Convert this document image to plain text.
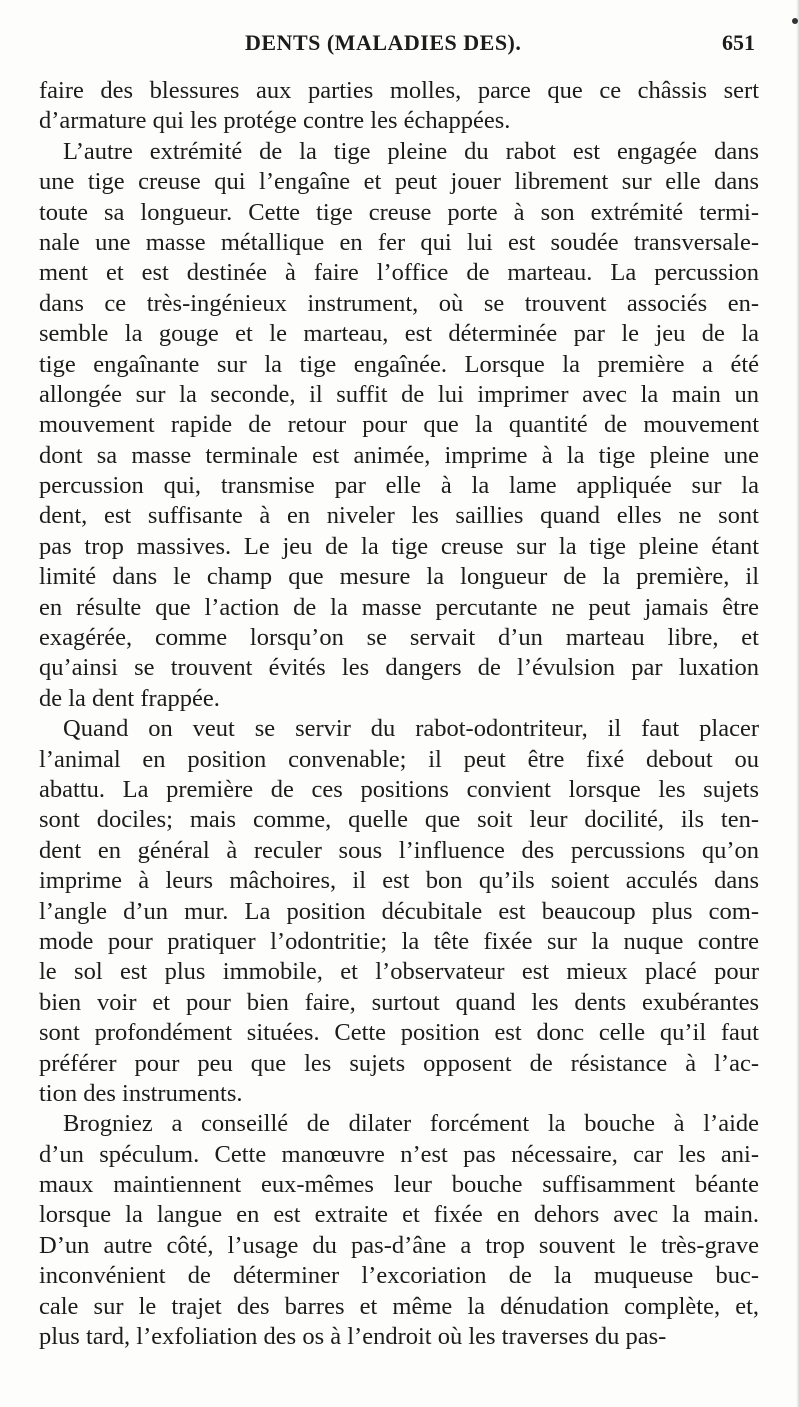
DENTS (MALADIES DES).	651
faire des blessures aux parties molles, parce que ce châssis sert
d’armature qui les protége contre les échappées.
L’autre extrémité de la tige pleine du rabot est engagée dans
une tige creuse qui l’engaîne et peut jouer librement sur elle dans
toute sa longueur. Cette tige creuse porte à son extrémité termi-
nale une masse métallique en fer qui lui est soudée transversale-
ment et est destinée à faire l’office de marteau. La percussion
dans ce très-ingénieux instrument, où se trouvent associés en-
semble la gouge et le marteau, est déterminée par le jeu de la
tige engaînante sur la tige engaînée. Lorsque la première a été
allongée sur la seconde, il suffit de lui imprimer avec la main un
mouvement rapide de retour pour que la quantité de mouvement
dont sa masse terminale est animée, imprime à la tige pleine une
percussion qui, transmise par elle à la lame appliquée sur la
dent, est suffisante à en niveler les saillies quand elles ne sont
pas trop massives. Le jeu de la tige creuse sur la tige pleine étant
limité dans le champ que mesure la longueur de la première, il
en résulte que l’action de la masse percutante ne peut jamais être
exagérée, comme lorsqu’on se servait d’un marteau libre, et
qu’ainsi se trouvent évités les dangers de l’évulsion par luxation
de la dent frappée.
Quand on veut se servir du rabot-odontriteur, il faut placer
l’animal en position convenable; il peut être fixé debout ou
abattu. La première de ces positions convient lorsque les sujets
sont dociles; mais comme, quelle que soit leur docilité, ils ten-
dent en général à reculer sous l’influence des percussions qu’on
imprime à leurs mâchoires, il est bon qu’ils soient acculés dans
l’angle d’un mur. La position décubitale est beaucoup plus com-
mode pour pratiquer l’odontritie; la tête fixée sur la nuque contre
le sol est plus immobile, et l’observateur est mieux placé pour
bien voir et pour bien faire, surtout quand les dents exubérantes
sont profondément situées. Cette position est donc celle qu’il faut
préférer pour peu que les sujets opposent de résistance à l’ac-
tion des instruments.
Brogniez a conseillé de dilater forcément la bouche à l’aide
d’un spéculum. Cette manœuvre n’est pas nécessaire, car les ani-
maux maintiennent eux-mêmes leur bouche suffisamment béante
lorsque la langue en est extraite et fixée en dehors avec la main.
D’un autre côté, l’usage du pas-d’âne a trop souvent le très-grave
inconvénient de déterminer l’excoriation de la muqueuse buc-
cale sur le trajet des barres et même la dénudation complète, et,
plus tard, l’exfoliation des os à l’endroit où les traverses du pas-
